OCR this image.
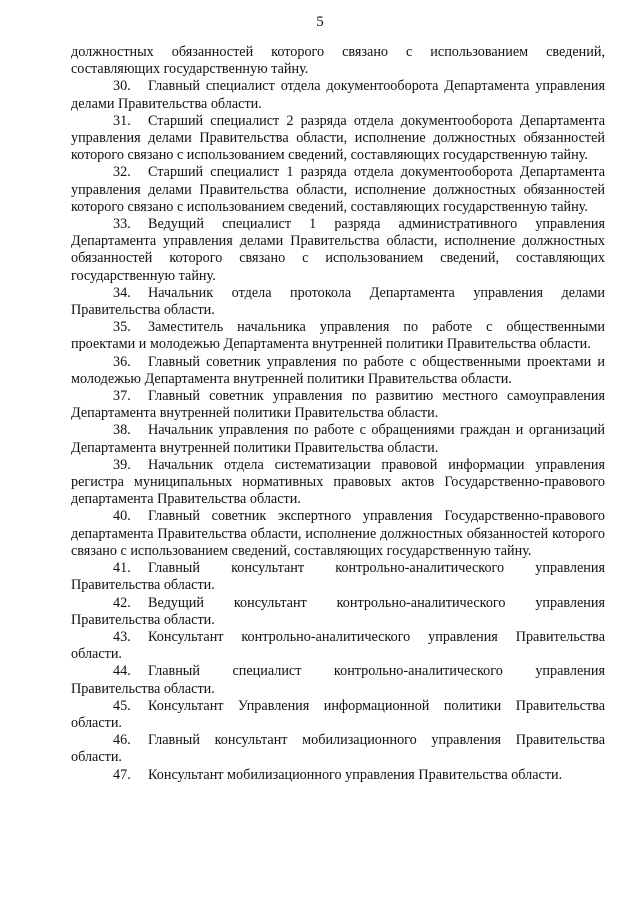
5

должностных обязанностей которого связано с использованием сведений, составляющих государственную тайну.

30. Главный специалист отдела документооборота Департамента управления делами Правительства области.

31. Старший специалист 2 разряда отдела документооборота Департамента управления делами Правительства области, исполнение должностных обязанностей которого связано с использованием сведений, составляющих государственную тайну.

32. Старший специалист 1 разряда отдела документооборота Департамента управления делами Правительства области, исполнение должностных обязанностей которого связано с использованием сведений, составляющих государственную тайну.

33. Ведущий специалист 1 разряда административного управления Департамента управления делами Правительства области, исполнение должностных обязанностей которого связано с использованием сведений, составляющих государственную тайну.

34. Начальник отдела протокола Департамента управления делами Правительства области.

35. Заместитель начальника управления по работе с общественными проектами и молодежью Департамента внутренней политики Правительства области.

36. Главный советник управления по работе с общественными проектами и молодежью Департамента внутренней политики Правительства области.

37. Главный советник управления по развитию местного самоуправления Департамента внутренней политики Правительства области.

38. Начальник управления по работе с обращениями граждан и организаций Департамента внутренней политики Правительства области.

39. Начальник отдела систематизации правовой информации управления регистра муниципальных нормативных правовых актов Государственно-правового департамента Правительства области.

40. Главный советник экспертного управления Государственно-правового департамента Правительства области, исполнение должностных обязанностей которого связано с использованием сведений, составляющих государственную тайну.

41. Главный консультант контрольно-аналитического управления Правительства области.

42. Ведущий консультант контрольно-аналитического управления Правительства области.

43. Консультант контрольно-аналитического управления Правительства области.

44. Главный специалист контрольно-аналитического управления Правительства области.

45. Консультант Управления информационной политики Правительства области.

46. Главный консультант мобилизационного управления Правительства области.

47. Консультант мобилизационного управления Правительства области.
